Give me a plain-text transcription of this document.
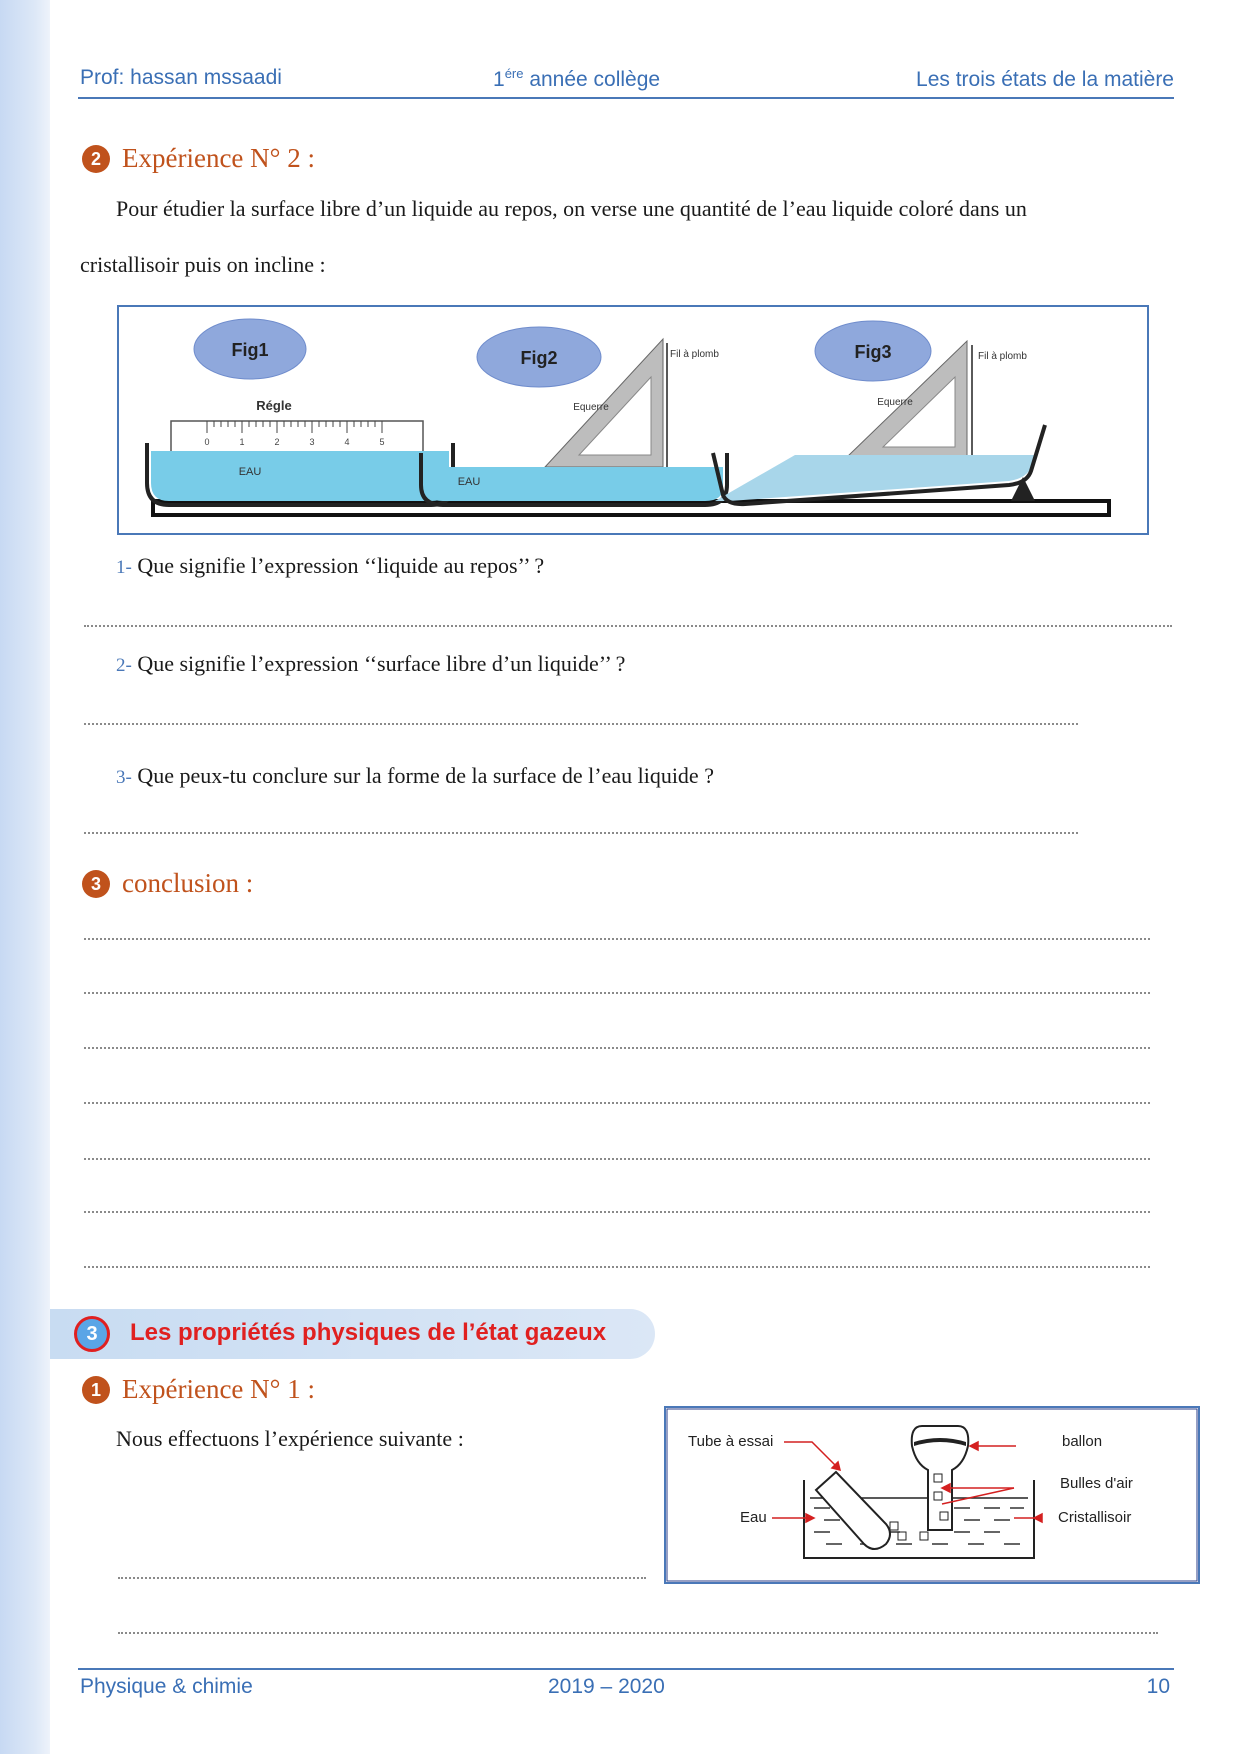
Prof: hassan mssaadi	$1^{ére}$ année collège	Les trois états de la matière
2 Expérience N° 2 :
Pour étudier la surface libre d’un liquide au repos, on verse une quantité de l’eau liquide coloré dans un
cristallisoir puis on incline :
Fig1
Régle
0	1	2	3	4	5
EAU
Fig2
Equerre
Fil à plomb
EAU
Fig3
Equerre
Fil à plomb
1- Que signifie l’expression ‘‘liquide au repos’’ ?
2- Que signifie l’expression ‘‘surface libre d’un liquide’’ ?
3- Que peux-tu conclure sur la forme de la surface de l’eau liquide ?
3 conclusion :
3	Les propriétés physiques de l’état gazeux
1 Expérience N° 1 :
Nous effectuons l’expérience suivante :	Tube à essai
Eau
ballon
Bulles d'air
Cristallisoir
Physique & chimie	2019 – 2020	10
